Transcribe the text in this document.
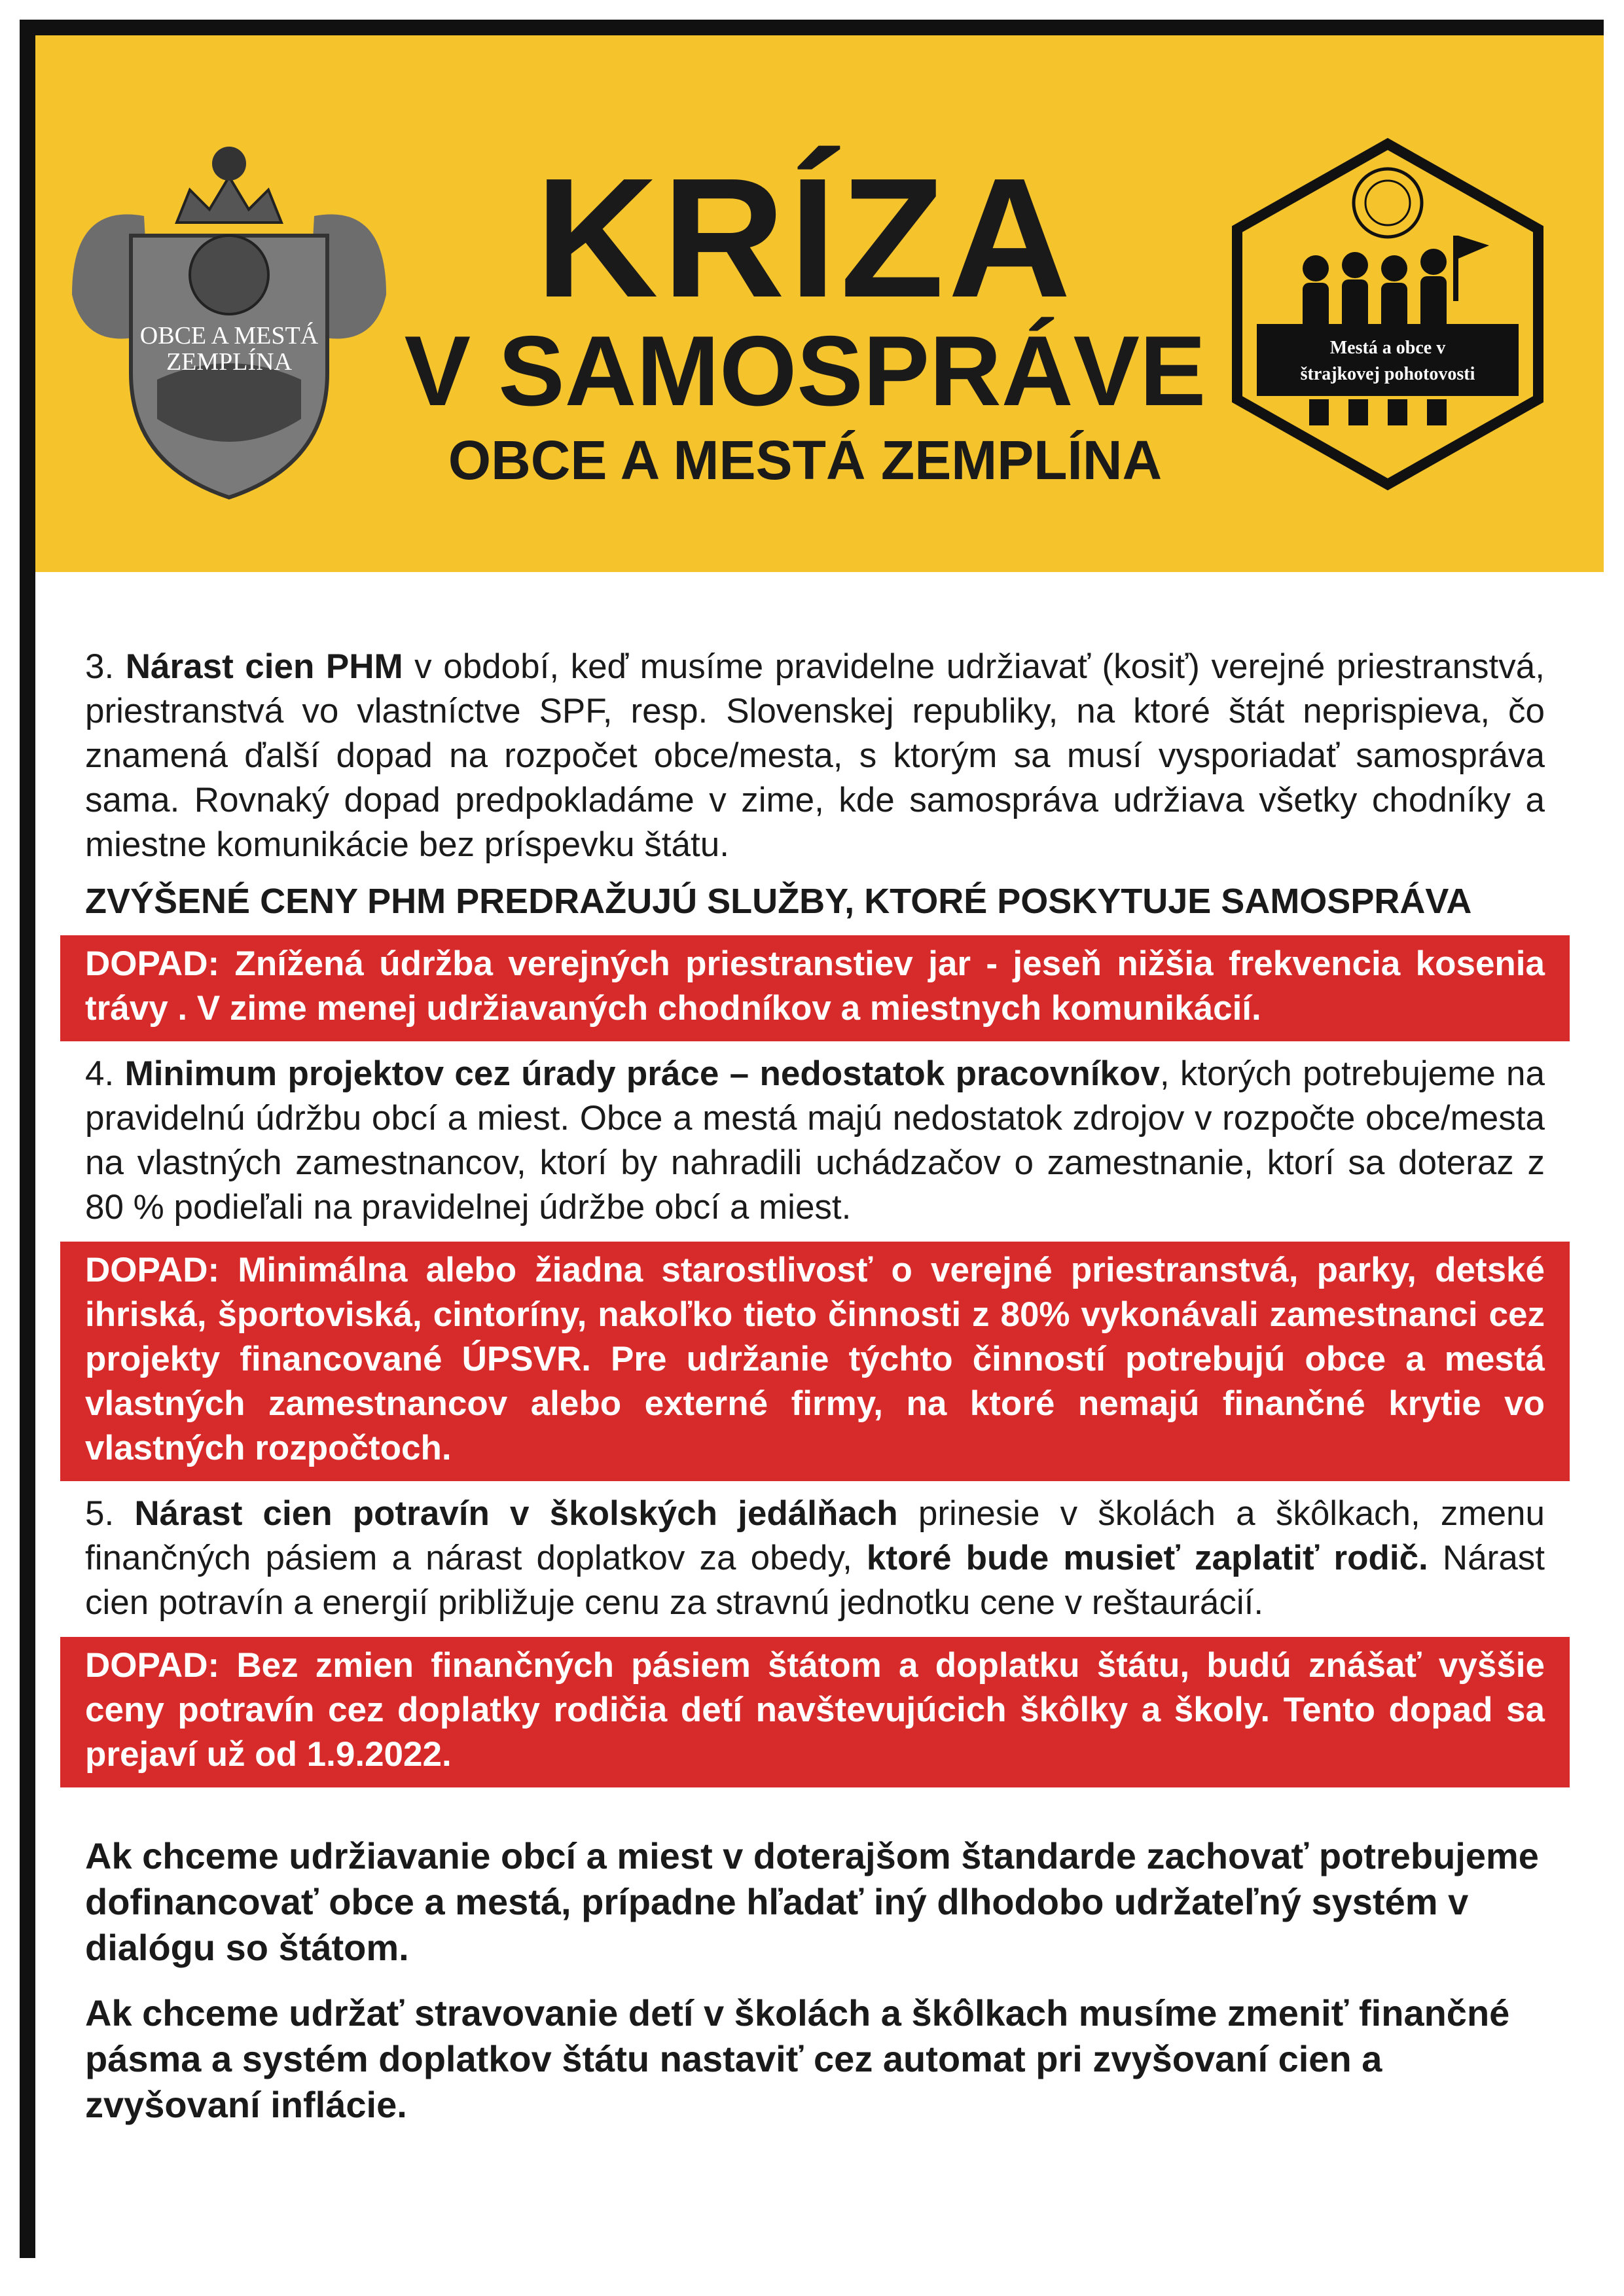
OBCE A MESTÁ
ZEMPLÍNA
KRÍZA
V SAMOSPRÁVE
OBCE A MESTÁ ZEMPLÍNA
Mestá a obce v
štrajkovej pohotovosti

3. Nárast cien PHM v období, keď musíme pravidelne udržiavať (kosiť) verejné priestranstvá, priestranstvá vo vlastníctve SPF, resp. Slovenskej republiky, na ktoré štát neprispieva, čo znamená ďalší dopad na rozpočet obce/mesta, s ktorým sa musí vysporiadať samospráva sama. Rovnaký dopad predpokladáme v zime, kde samospráva udržiava všetky chodníky a miestne komunikácie bez príspevku štátu.

ZVÝŠENÉ CENY PHM PREDRAŽUJÚ SLUŽBY, KTORÉ POSKYTUJE SAMOSPRÁVA

DOPAD: Znížená údržba verejných priestranstiev jar - jeseň nižšia frekvencia kosenia trávy . V zime menej udržiavaných chodníkov a miestnych komunikácií.

4. Minimum projektov cez úrady práce – nedostatok pracovníkov, ktorých potrebujeme na pravidelnú údržbu obcí a miest. Obce a mestá majú nedostatok zdrojov v rozpočte obce/mesta na vlastných zamestnancov, ktorí by nahradili uchádzačov o zamestnanie, ktorí sa doteraz z 80 % podieľali na pravidelnej údržbe obcí a miest.

DOPAD: Minimálna alebo žiadna starostlivosť o verejné priestranstvá, parky, detské ihriská, športoviská, cintoríny, nakoľko tieto činnosti z 80% vykonávali zamestnanci cez projekty financované ÚPSVR. Pre udržanie týchto činností potrebujú obce a mestá vlastných zamestnancov alebo externé firmy, na ktoré nemajú finančné krytie vo vlastných rozpočtoch.

5. Nárast cien potravín v školských jedálňach prinesie v školách a škôlkach, zmenu finančných pásiem a nárast doplatkov za obedy, ktoré bude musieť zaplatiť rodič. Nárast cien potravín a energií približuje cenu za stravnú jednotku cene v reštaurácií.

DOPAD: Bez zmien finančných pásiem štátom a doplatku štátu, budú znášať vyššie ceny potravín cez doplatky rodičia detí navštevujúcich škôlky a školy. Tento dopad sa prejaví už od 1.9.2022.

Ak chceme udržiavanie obcí a miest v doterajšom štandarde zachovať potrebujeme dofinancovať obce a mestá, prípadne hľadať iný dlhodobo udržateľný systém v dialógu so štátom.

Ak chceme udržať stravovanie detí v školách a škôlkach musíme zmeniť finančné pásma a systém doplatkov štátu nastaviť cez automat pri zvyšovaní cien a zvyšovaní inflácie.
